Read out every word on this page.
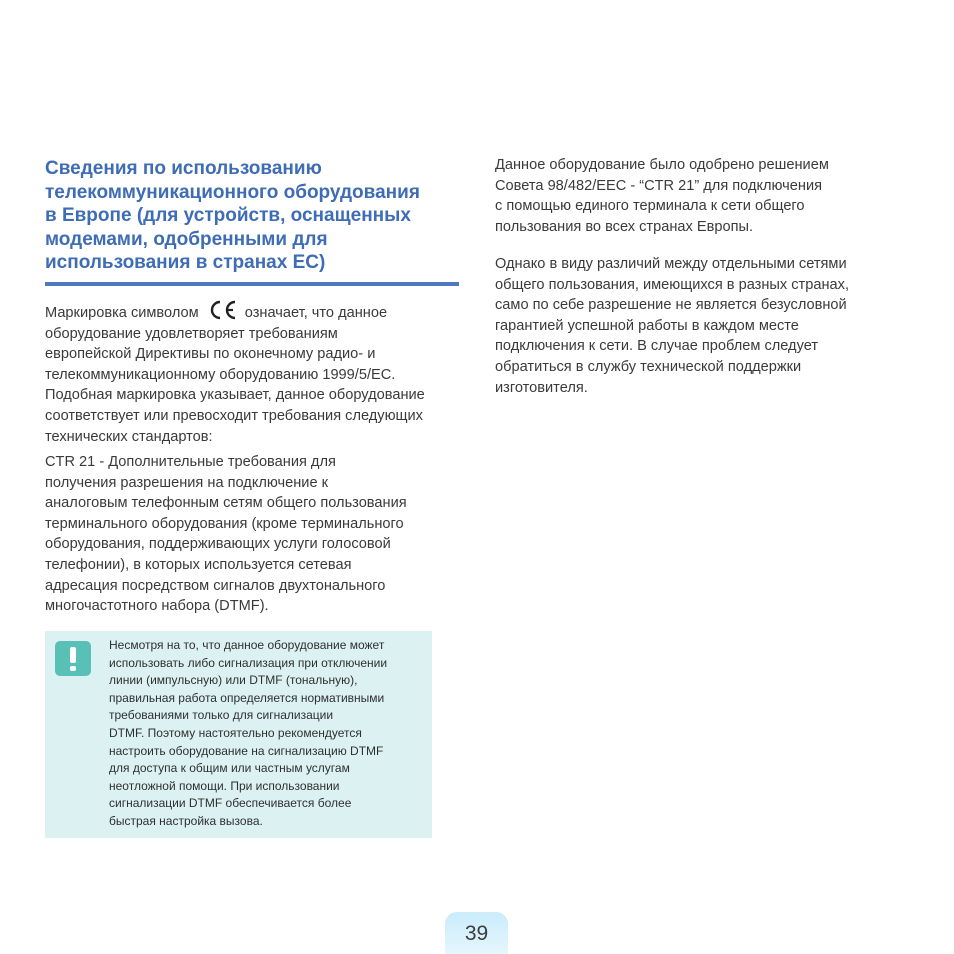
Сведения по использованию
телекоммуникационного оборудования
в Европе (для устройств, оснащенных
модемами, одобренными для
использования в странах ЕС)
Маркировка символом	означает, что данное
оборудование удовлетворяет требованиям
европейской Директивы по оконечному радио- и
телекоммуникационному оборудованию 1999/5/EC.
Подобная маркировка указывает, данное оборудование
соответствует или превосходит требования следующих
технических стандартов:
CTR 21 - Дополнительные требования для
получения разрешения на подключение к
аналоговым телефонным сетям общего пользования
терминального оборудования (кроме терминального
оборудования, поддерживающих услуги голосовой
телефонии), в которых используется сетевая
адресация посредством сигналов двухтонального
многочастотного набора (DTMF).
Несмотря на то, что данное оборудование может
использовать либо сигнализация при отключении
линии (импульсную) или DTMF (тональную),
правильная работа определяется нормативными
требованиями только для сигнализации
DTMF. Поэтому настоятельно рекомендуется
настроить оборудование на сигнализацию DTMF
для доступа к общим или частным услугам
неотложной помощи. При использовании
сигнализации DTMF обеспечивается более
быстрая настройка вызова.
Данное оборудование было одобрено решением
Совета 98/482/EEC - “CTR 21” для подключения
с помощью единого терминала к сети общего
пользования во всех странах Европы.
Однако в виду различий между отдельными сетями
общего пользования, имеющихся в разных странах,
само по себе разрешение не является безусловной
гарантией успешной работы в каждом месте
подключения к сети. В случае проблем следует
обратиться в службу технической поддержки
изготовителя.
39
